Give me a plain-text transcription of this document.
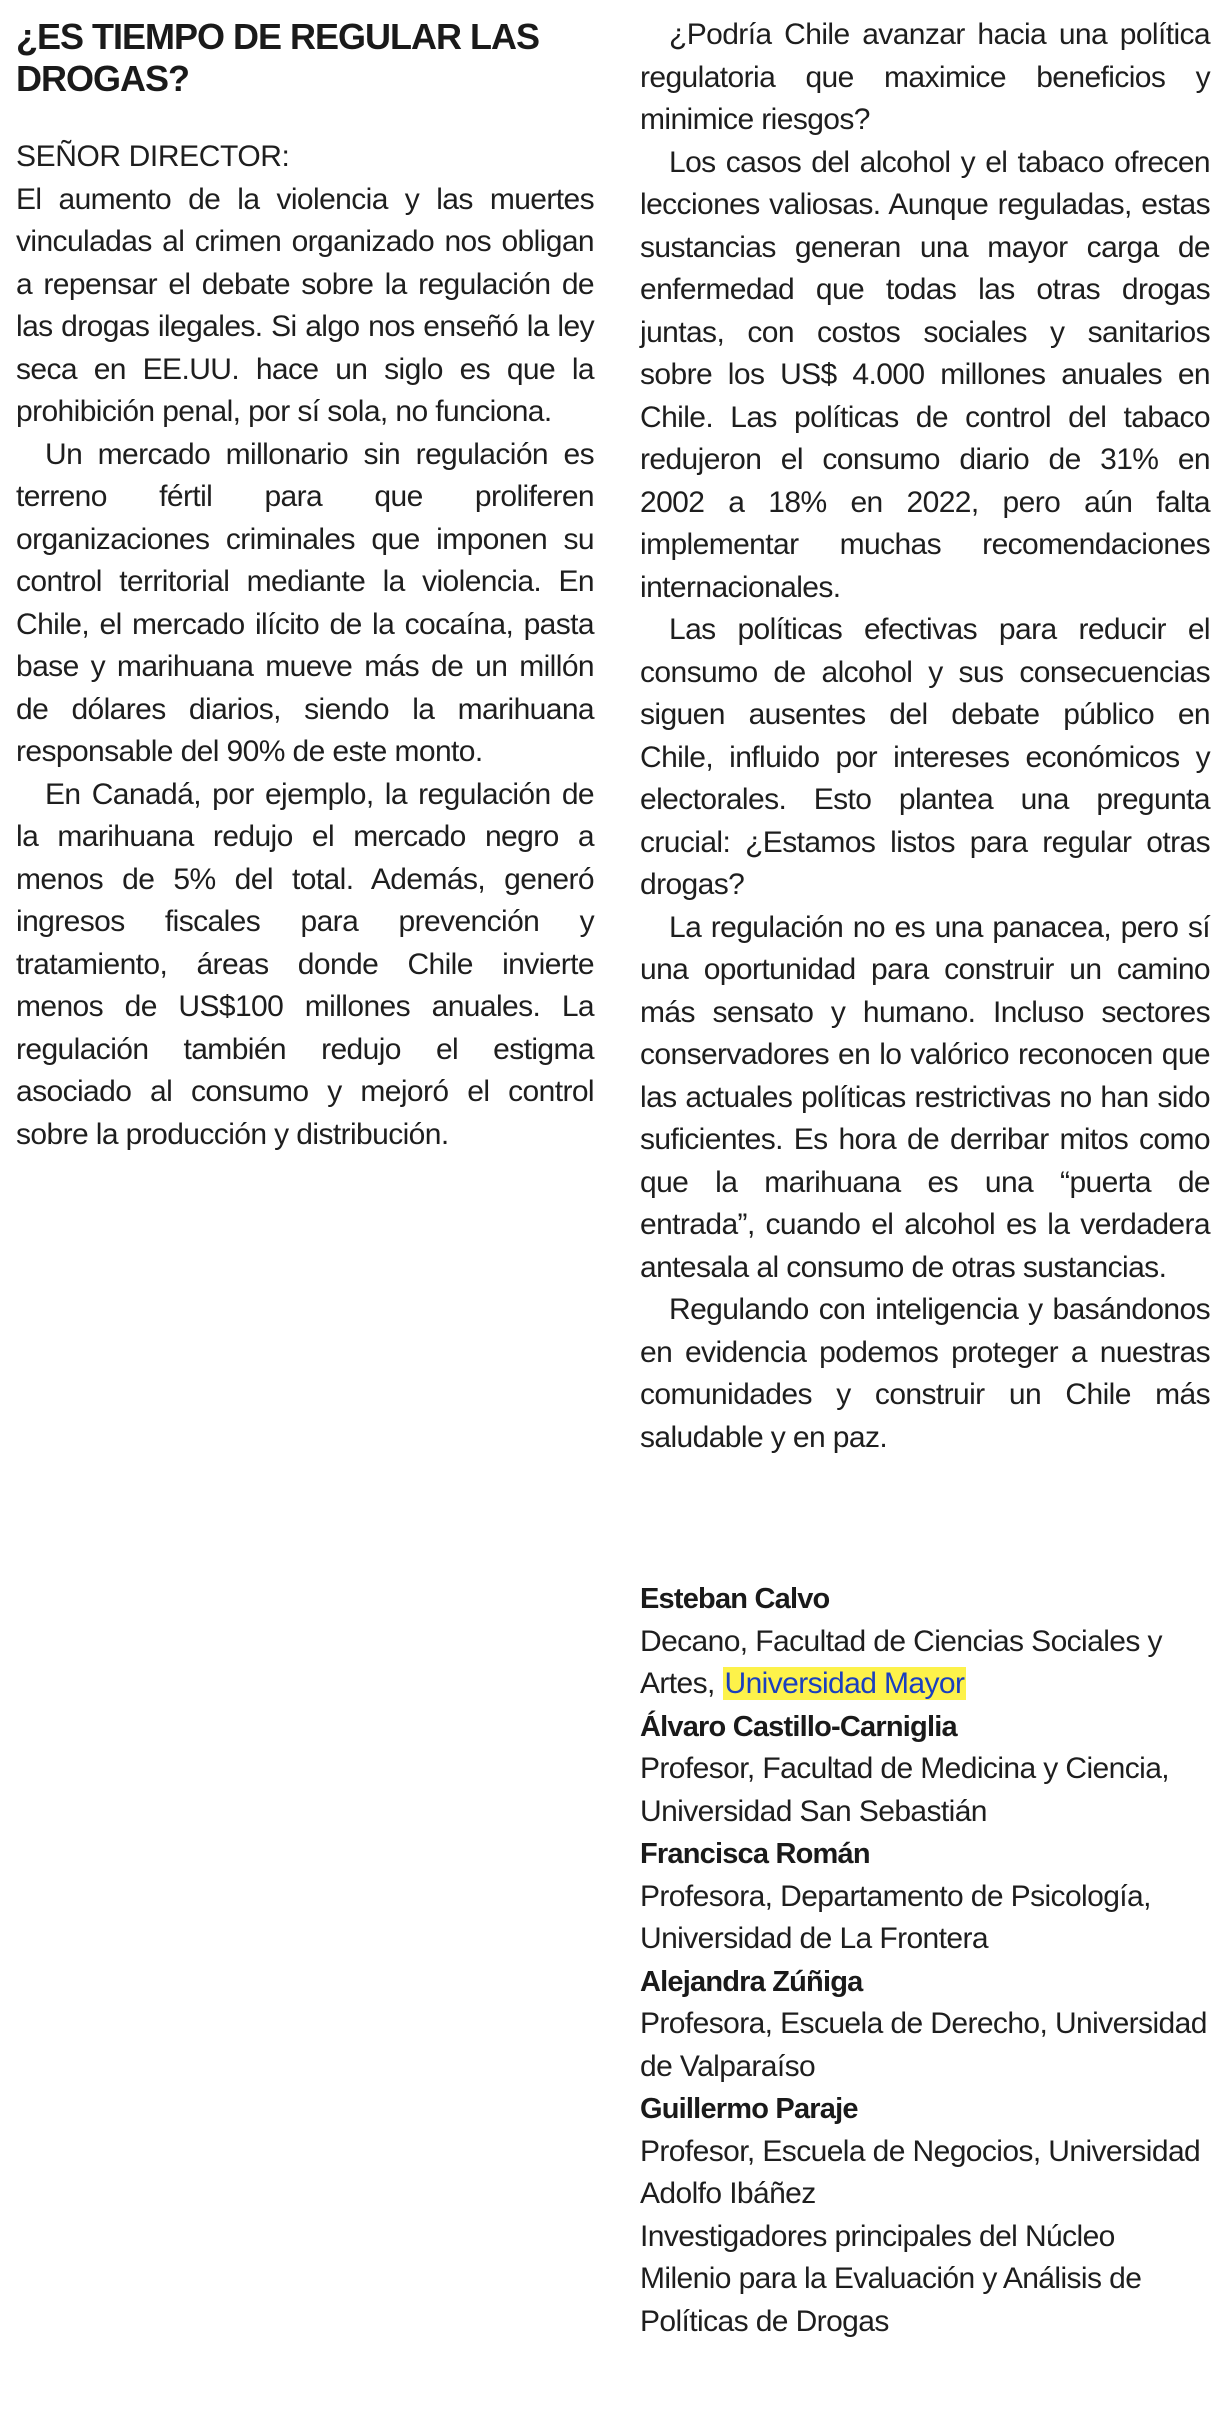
¿ES TIEMPO DE REGULAR LAS DROGAS?

SEÑOR DIRECTOR:

El aumento de la violencia y las muertes vinculadas al crimen organizado nos obligan a repensar el debate sobre la regulación de las drogas ilegales. Si algo nos enseñó la ley seca en EE.UU. hace un siglo es que la prohibición penal, por sí sola, no funciona.

Un mercado millonario sin regulación es terreno fértil para que proliferen organizaciones criminales que imponen su control territorial mediante la violencia. En Chile, el mercado ilícito de la cocaína, pasta base y marihuana mueve más de un millón de dólares diarios, siendo la marihuana responsable del 90% de este monto.

En Canadá, por ejemplo, la regulación de la marihuana redujo el mercado negro a menos de 5% del total. Además, generó ingresos fiscales para prevención y tratamiento, áreas donde Chile invierte menos de US$100 millones anuales. La regulación también redujo el estigma asociado al consumo y mejoró el control sobre la producción y distribución.

¿Podría Chile avanzar hacia una política regulatoria que maximice beneficios y minimice riesgos?

Los casos del alcohol y el tabaco ofrecen lecciones valiosas. Aunque reguladas, estas sustancias generan una mayor carga de enfermedad que todas las otras drogas juntas, con costos sociales y sanitarios sobre los US$ 4.000 millones anuales en Chile. Las políticas de control del tabaco redujeron el consumo diario de 31% en 2002 a 18% en 2022, pero aún falta implementar muchas recomendaciones internacionales.

Las políticas efectivas para reducir el consumo de alcohol y sus consecuencias siguen ausentes del debate público en Chile, influido por intereses económicos y electorales. Esto plantea una pregunta crucial: ¿Estamos listos para regular otras drogas?

La regulación no es una panacea, pero sí una oportunidad para construir un camino más sensato y humano. Incluso sectores conservadores en lo valórico reconocen que las actuales políticas restrictivas no han sido suficientes. Es hora de derribar mitos como que la marihuana es una “puerta de entrada”, cuando el alcohol es la verdadera antesala al consumo de otras sustancias.

Regulando con inteligencia y basándonos en evidencia podemos proteger a nuestras comunidades y construir un Chile más saludable y en paz.

Esteban Calvo
Decano, Facultad de Ciencias Sociales y Artes, Universidad Mayor
Álvaro Castillo-Carniglia
Profesor, Facultad de Medicina y Ciencia, Universidad San Sebastián
Francisca Román
Profesora, Departamento de Psicología, Universidad de La Frontera
Alejandra Zúñiga
Profesora, Escuela de Derecho, Universidad de Valparaíso
Guillermo Paraje
Profesor, Escuela de Negocios, Universidad Adolfo Ibáñez

Investigadores principales del Núcleo Milenio para la Evaluación y Análisis de Políticas de Drogas
